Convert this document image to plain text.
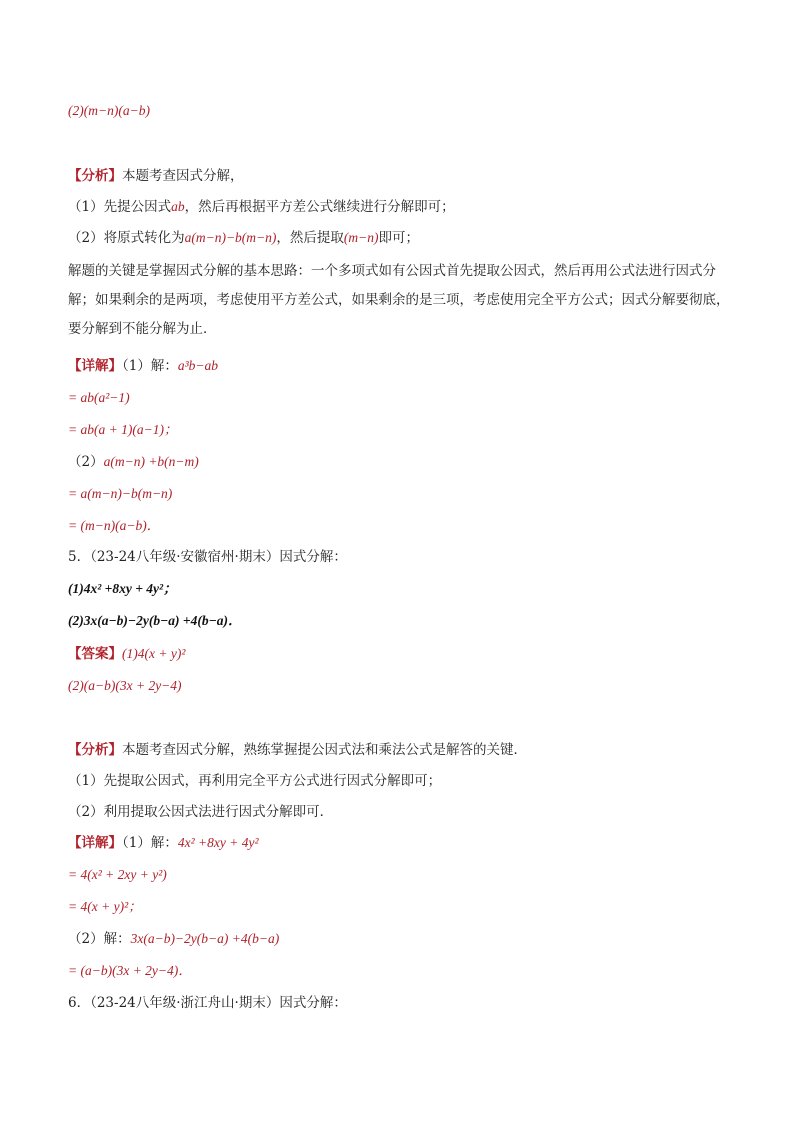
(2)(m−n)(a−b)
【分析】本题考查因式分解，
（1）先提公因式ab，然后再根据平方差公式继续进行分解即可；
（2）将原式转化为a(m−n)−b(m−n)，然后提取(m−n)即可；
解题的关键是掌握因式分解的基本思路：一个多项式如有公因式首先提取公因式，然后再用公式法进行因式分解；如果剩余的是两项，考虑使用平方差公式，如果剩余的是三项，考虑使用完全平方公式；因式分解要彻底，要分解到不能分解为止．
【详解】（1）解：a³b−ab
= ab(a²−1)
= ab(a + 1)(a−1)；
（2）a(m−n) +b(n−m)
= a(m−n)−b(m−n)
= (m−n)(a−b)．
5．（23-24八年级·安徽宿州·期末）因式分解：
(1)4x² +8xy + 4y²；
(2)3x(a−b)−2y(b−a) +4(b−a)．
【答案】(1)4(x + y)²
(2)(a−b)(3x + 2y−4)
【分析】本题考查因式分解，熟练掌握提公因式法和乘法公式是解答的关键．
（1）先提取公因式，再利用完全平方公式进行因式分解即可；
（2）利用提取公因式法进行因式分解即可．
【详解】（1）解：4x² +8xy + 4y²
= 4(x² + 2xy + y²)
= 4(x + y)²；
（2）解：3x(a−b)−2y(b−a) +4(b−a)
= (a−b)(3x + 2y−4)．
6．（23-24八年级·浙江舟山·期末）因式分解：
